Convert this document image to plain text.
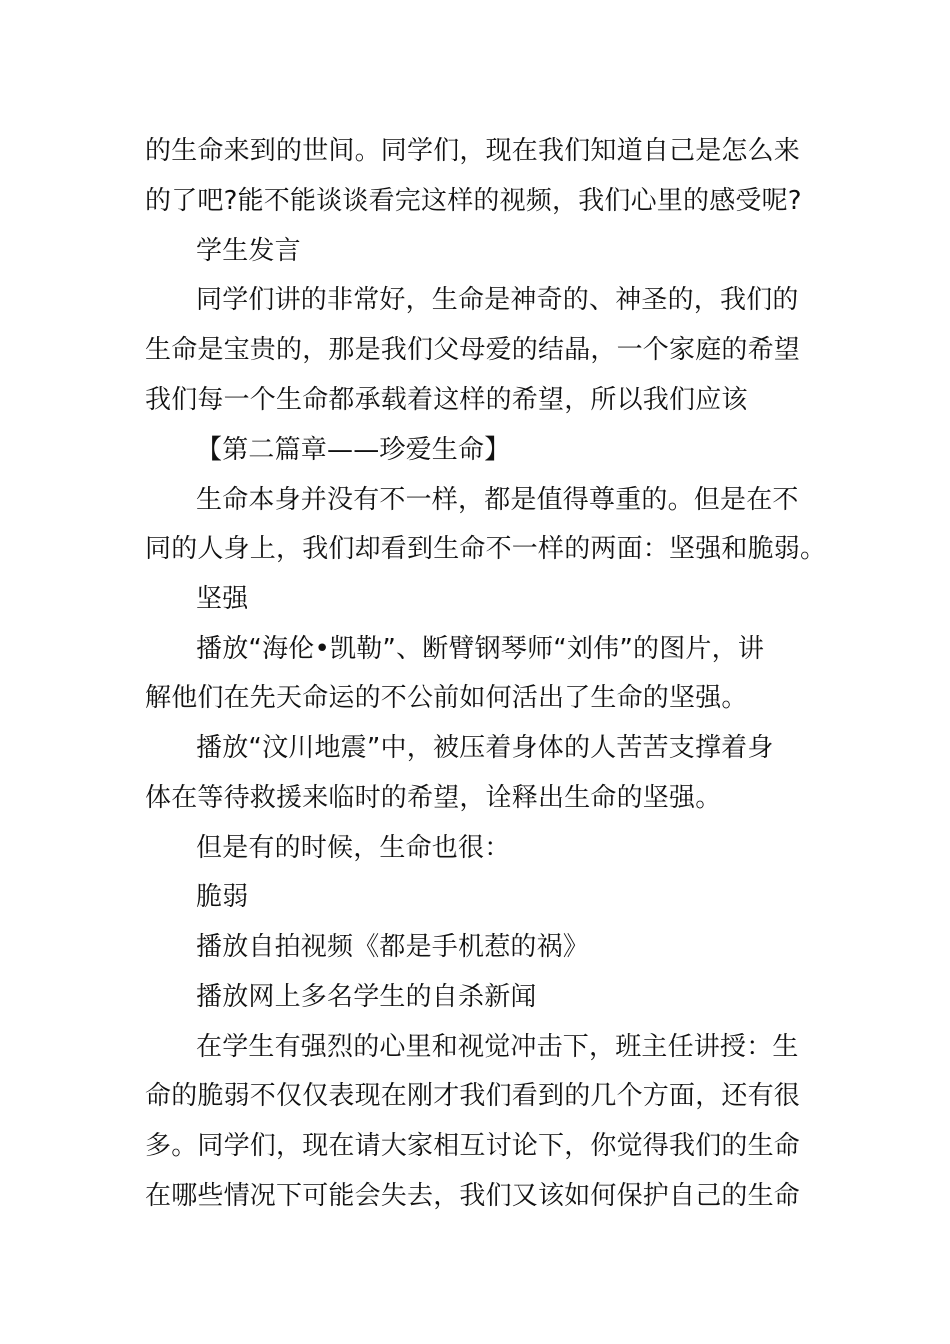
的生命来到的世间。同学们，现在我们知道自己是怎么来
的了吧?能不能谈谈看完这样的视频，我们心里的感受呢?
学生发言
同学们讲的非常好，生命是神奇的、神圣的，我们的
生命是宝贵的，那是我们父母爱的结晶，一个家庭的希望
我们每一个生命都承载着这样的希望，所以我们应该
【第二篇章——珍爱生命】
生命本身并没有不一样，都是值得尊重的。但是在不
同的人身上，我们却看到生命不一样的两面：坚强和脆弱。
坚强
播放“海伦•凯勒”、断臂钢琴师“刘伟”的图片，讲
解他们在先天命运的不公前如何活出了生命的坚强。
播放“汶川地震”中，被压着身体的人苦苦支撑着身
体在等待救援来临时的希望，诠释出生命的坚强。
但是有的时候，生命也很：
脆弱
播放自拍视频《都是手机惹的祸》
播放网上多名学生的自杀新闻
在学生有强烈的心里和视觉冲击下，班主任讲授：生
命的脆弱不仅仅表现在刚才我们看到的几个方面，还有很
多。同学们，现在请大家相互讨论下，你觉得我们的生命
在哪些情况下可能会失去，我们又该如何保护自己的生命
